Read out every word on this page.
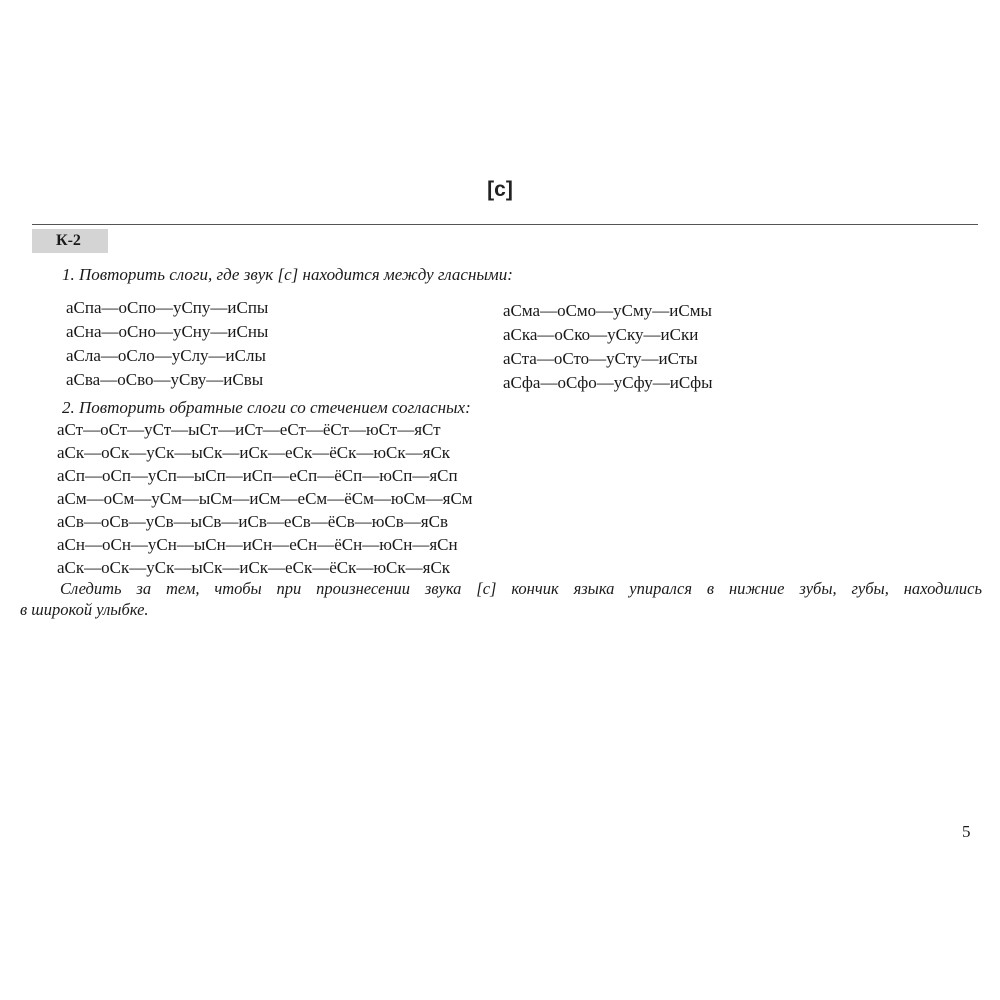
[с]
К-2
1. Повторить слоги, где звук [с] находится между гласными:
аСпа—оСпо—уСпу—иСпы
аСна—оСно—уСну—иСны
аСла—оСло—уСлу—иСлы
аСва—оСво—уСву—иСвы
аСма—оСмо—уСму—иСмы
аСка—оСко—уСку—иСки
аСта—оСто—уСту—иСты
аСфа—оСфо—уСфу—иСфы
2. Повторить обратные слоги со стечением согласных:
аСт—оСт—уСт—ыСт—иСт—еСт—ёСт—юСт—яСт
аСк—оСк—уСк—ыСк—иСк—еСк—ёСк—юСк—яСк
аСп—оСп—уСп—ыСп—иСп—еСп—ёСп—юСп—яСп
аСм—оСм—уСм—ыСм—иСм—еСм—ёСм—юСм—яСм
аСв—оСв—уСв—ыСв—иСв—еСв—ёСв—юСв—яСв
аСн—оСн—уСн—ыСн—иСн—еСн—ёСн—юСн—яСн
аСк—оСк—уСк—ыСк—иСк—еСк—ёСк—юСк—яСк
Следить за тем, чтобы при произнесении звука [с] кончик языка упирался в нижние зубы, губы, находились
в широкой улыбке.
5
